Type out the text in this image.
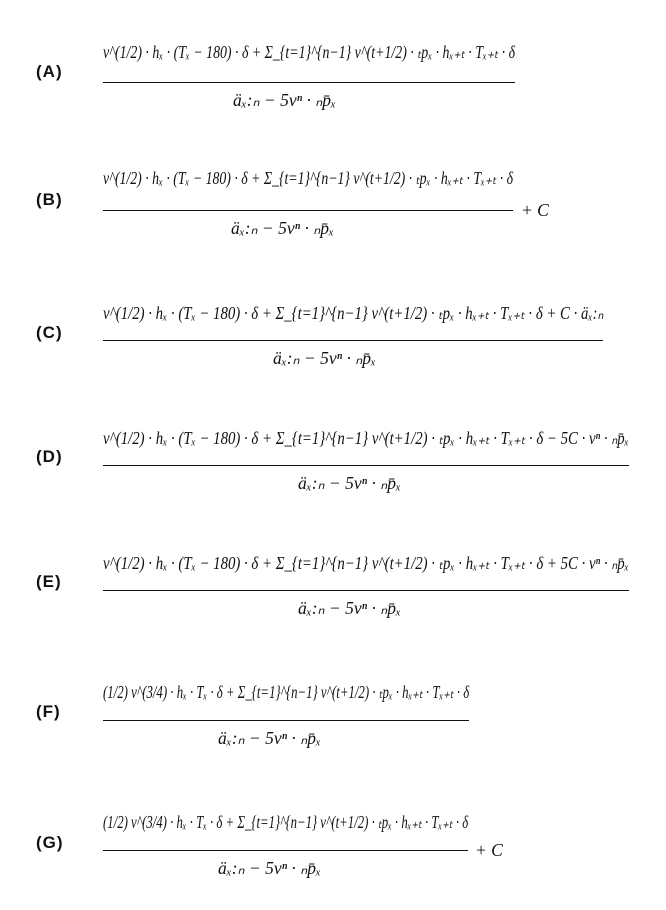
(A)
v^(1/2) · hₓ · (Tₓ − 180) · δ + Σ_{t=1}^{n−1} v^(t+1/2) · ₜpₓ · hₓ₊ₜ · Tₓ₊ₜ · δ
äₓ:ₙ − 5vⁿ · ₙp̄ₓ
(B)
v^(1/2) · hₓ · (Tₓ − 180) · δ + Σ_{t=1}^{n−1} v^(t+1/2) · ₜpₓ · hₓ₊ₜ · Tₓ₊ₜ · δ
äₓ:ₙ − 5vⁿ · ₙp̄ₓ
+ C
(C)
v^(1/2) · hₓ · (Tₓ − 180) · δ + Σ_{t=1}^{n−1} v^(t+1/2) · ₜpₓ · hₓ₊ₜ · Tₓ₊ₜ · δ + C · äₓ:ₙ
äₓ:ₙ − 5vⁿ · ₙp̄ₓ
(D)
v^(1/2) · hₓ · (Tₓ − 180) · δ + Σ_{t=1}^{n−1} v^(t+1/2) · ₜpₓ · hₓ₊ₜ · Tₓ₊ₜ · δ − 5C · vⁿ · ₙp̄ₓ
äₓ:ₙ − 5vⁿ · ₙp̄ₓ
(E)
v^(1/2) · hₓ · (Tₓ − 180) · δ + Σ_{t=1}^{n−1} v^(t+1/2) · ₜpₓ · hₓ₊ₜ · Tₓ₊ₜ · δ + 5C · vⁿ · ₙp̄ₓ
äₓ:ₙ − 5vⁿ · ₙp̄ₓ
(F)
(1/2) v^(3/4) · hₓ · Tₓ · δ + Σ_{t=1}^{n−1} v^(t+1/2) · ₜpₓ · hₓ₊ₜ · Tₓ₊ₜ · δ
äₓ:ₙ − 5vⁿ · ₙp̄ₓ
(G)
(1/2) v^(3/4) · hₓ · Tₓ · δ + Σ_{t=1}^{n−1} v^(t+1/2) · ₜpₓ · hₓ₊ₜ · Tₓ₊ₜ · δ
äₓ:ₙ − 5vⁿ · ₙp̄ₓ
+ C
